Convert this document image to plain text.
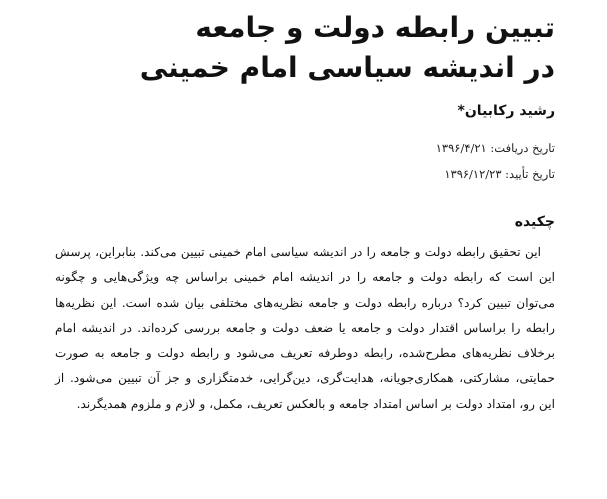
تبیین رابطه دولت و جامعه
در اندیشه سیاسی امام خمینی

رشید رکابیان*

تاریخ دریافت: ۱۳۹۶/۴/۲۱
تاریخ تأیید: ۱۳۹۶/۱۲/۲۳
چکیده

این تحقیق رابطه دولت و جامعه را در اندیشه سیاسی امام خمینی تبیین می‌کند. بنابراین، پرسش این است که رابطه دولت و جامعه را در اندیشه امام خمینی براساس چه ویژگی‌هایی و چگونه می‌توان تبیین کرد؟ درباره رابطه دولت و جامعه نظریه‌های مختلفی بیان شده است. این نظریه‌ها رابطه را براساس اقتدار دولت و جامعه یا ضعف دولت و جامعه بررسی کرده‌اند. در اندیشه امام برخلاف نظریه‌های مطرح‌شده، رابطه دوطرفه تعریف می‌شود و رابطه دولت و جامعه به صورت حمایتی، مشارکتی، همکاری‌جویانه، هدایت‌گری، دین‌گرایی، خدمتگزاری و جز آن تبیین می‌شود. از این رو، امتداد دولت بر اساس امتداد جامعه و بالعکس تعریف، مکمل، و لازم و ملزوم همدیگرند.
